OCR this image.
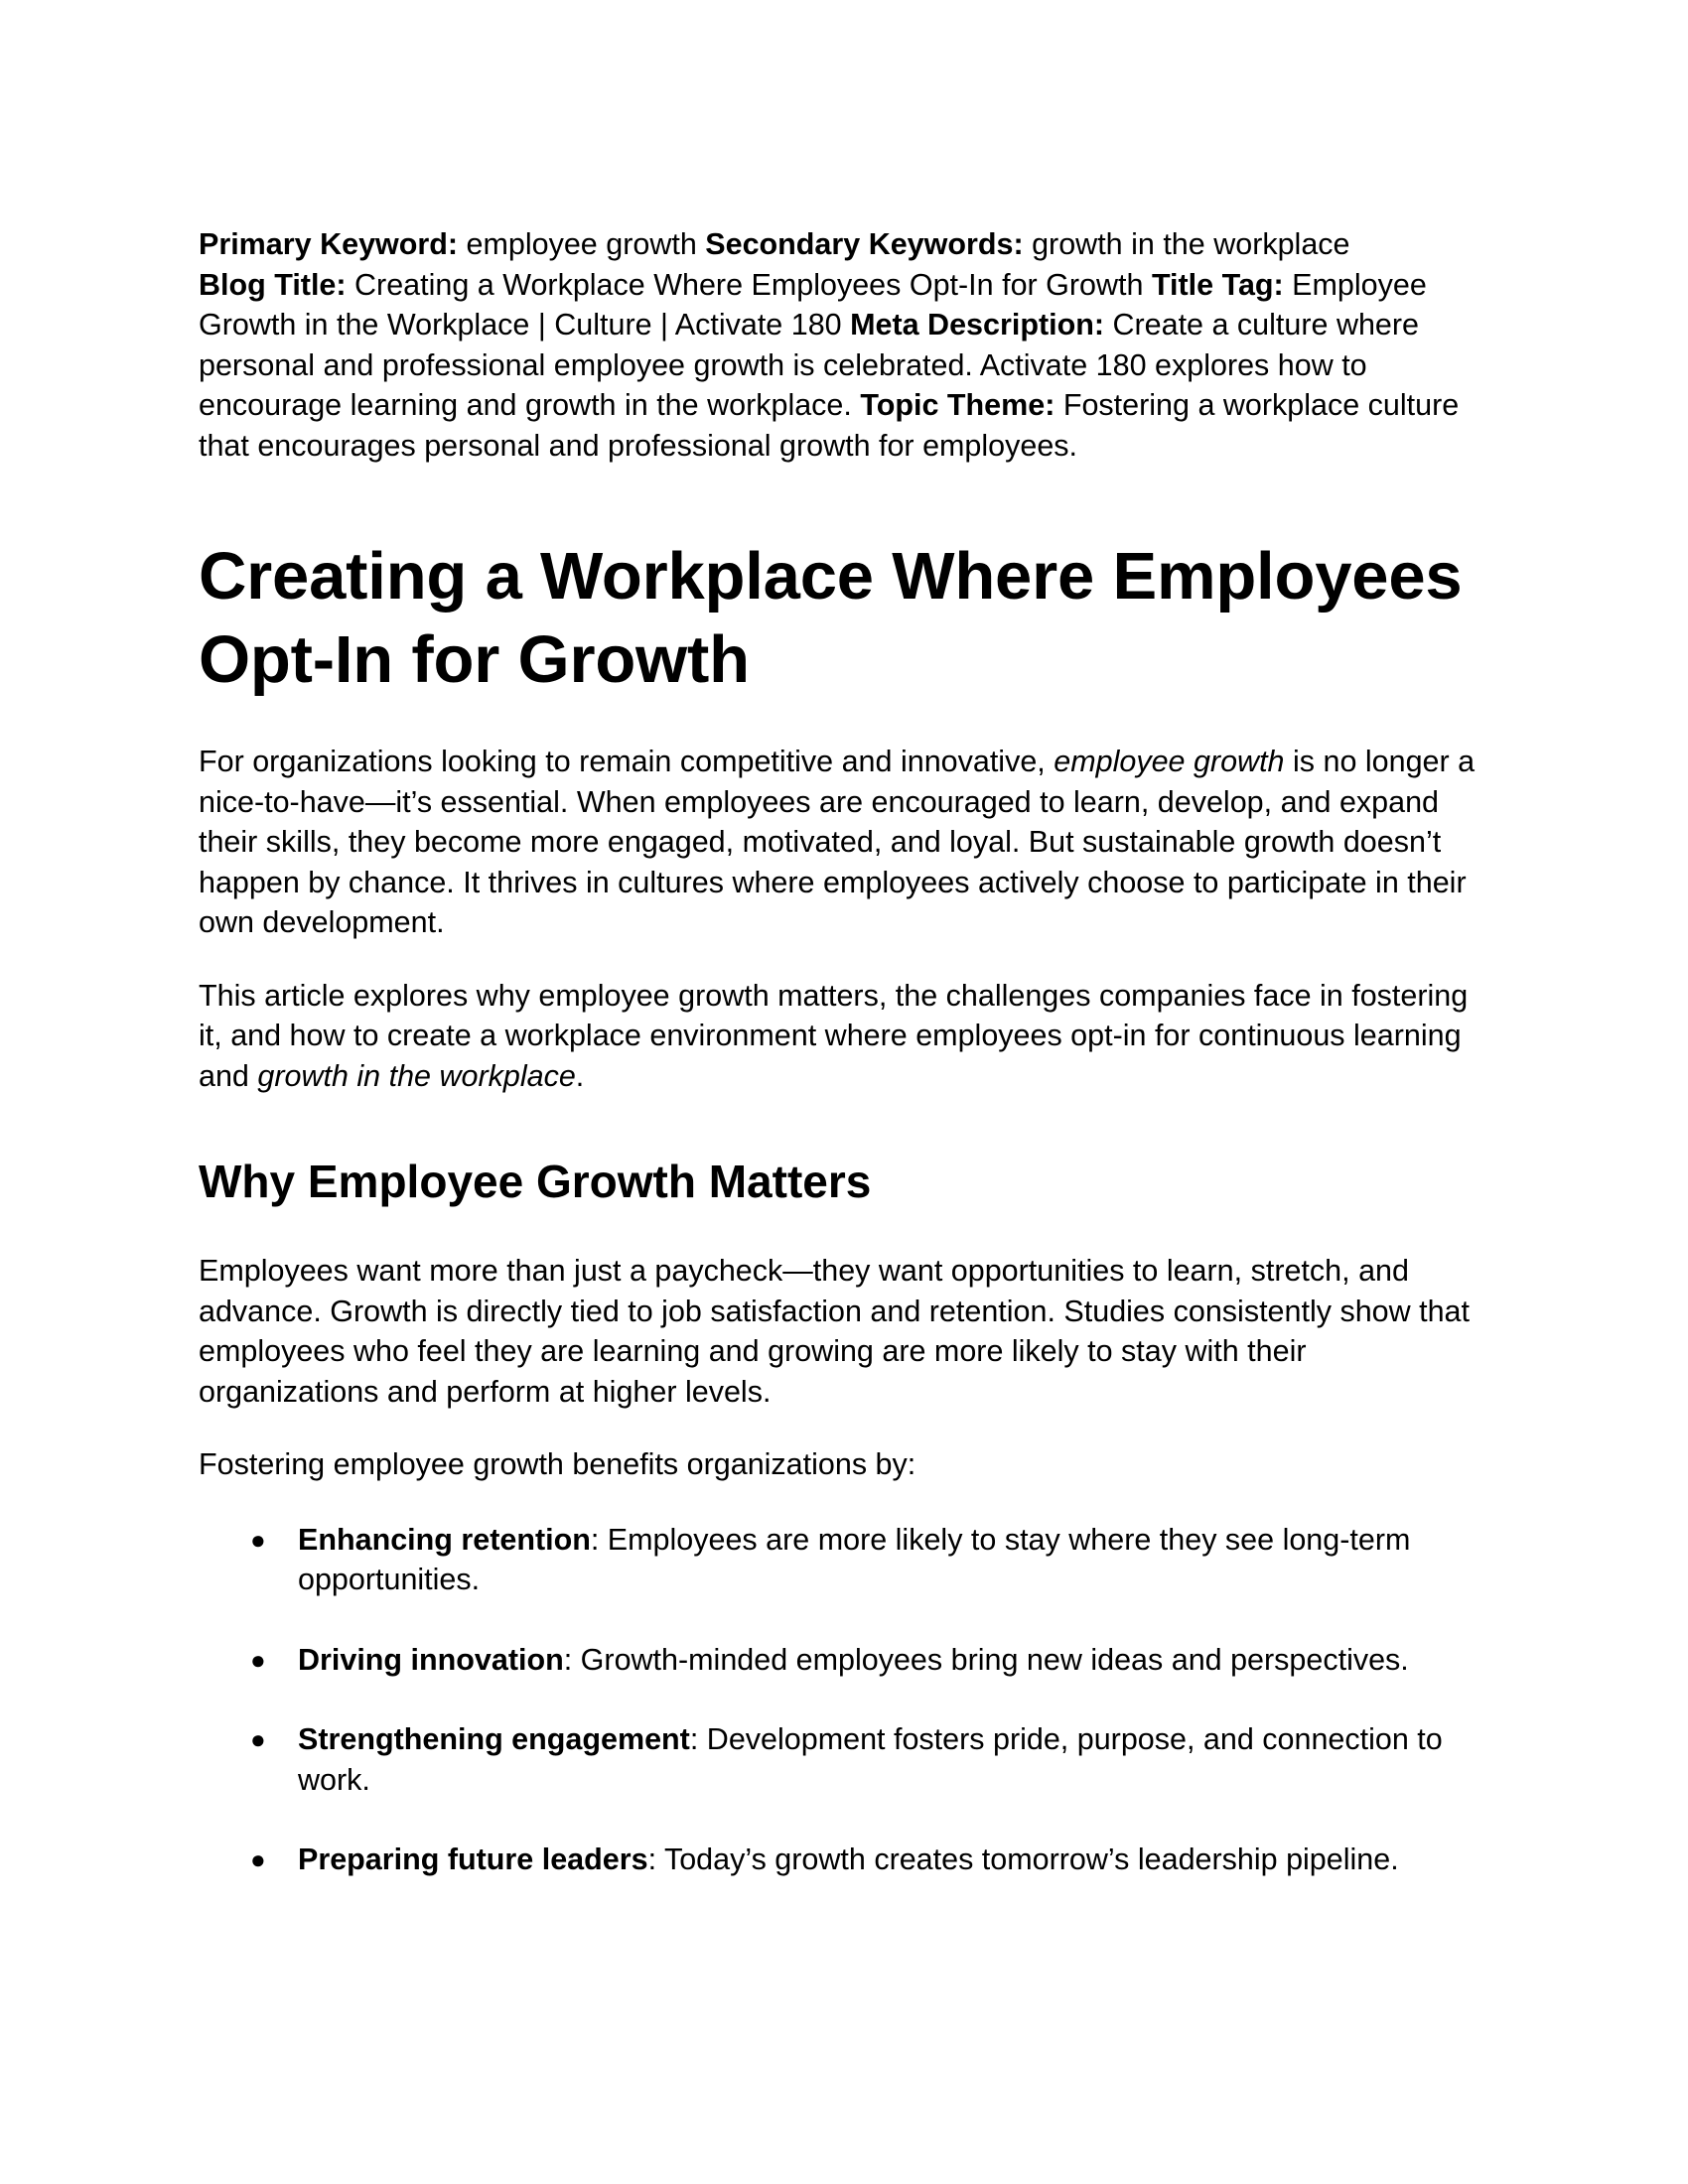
Primary Keyword: employee growth Secondary Keywords: growth in the workplace
Blog Title: Creating a Workplace Where Employees Opt-In for Growth Title Tag: Employee Growth in the Workplace | Culture | Activate 180 Meta Description: Create a culture where personal and professional employee growth is celebrated. Activate 180 explores how to encourage learning and growth in the workplace. Topic Theme: Fostering a workplace culture that encourages personal and professional growth for employees.

Creating a Workplace Where Employees Opt-In for Growth

For organizations looking to remain competitive and innovative, employee growth is no longer a nice-to-have—it’s essential. When employees are encouraged to learn, develop, and expand their skills, they become more engaged, motivated, and loyal. But sustainable growth doesn’t happen by chance. It thrives in cultures where employees actively choose to participate in their own development.

This article explores why employee growth matters, the challenges companies face in fostering it, and how to create a workplace environment where employees opt-in for continuous learning and growth in the workplace.

Why Employee Growth Matters

Employees want more than just a paycheck—they want opportunities to learn, stretch, and advance. Growth is directly tied to job satisfaction and retention. Studies consistently show that employees who feel they are learning and growing are more likely to stay with their organizations and perform at higher levels.

Fostering employee growth benefits organizations by:

● Enhancing retention: Employees are more likely to stay where they see long-term opportunities.
● Driving innovation: Growth-minded employees bring new ideas and perspectives.
● Strengthening engagement: Development fosters pride, purpose, and connection to work.
● Preparing future leaders: Today’s growth creates tomorrow’s leadership pipeline.
